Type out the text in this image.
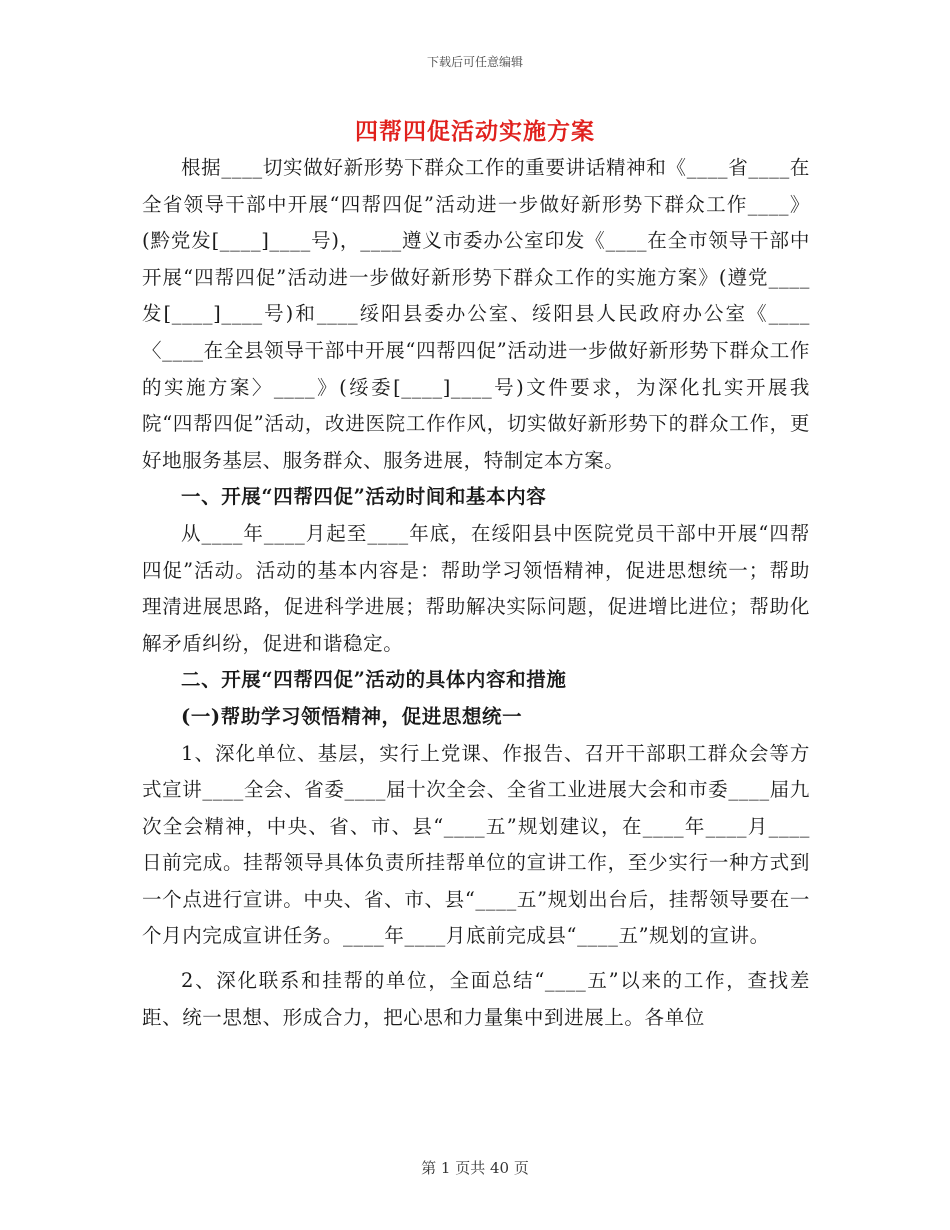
下载后可任意编辑
四帮四促活动实施方案

根据____切实做好新形势下群众工作的重要讲话精神和《____省____在全省领导干部中开展“四帮四促”活动进一步做好新形势下群众工作____》(黔党发[____]____号)，____遵义市委办公室印发《____在全市领导干部中开展“四帮四促”活动进一步做好新形势下群众工作的实施方案》(遵党____发[____]____号)和____绥阳县委办公室、绥阳县人民政府办公室《____〈____在全县领导干部中开展“四帮四促”活动进一步做好新形势下群众工作的实施方案〉____》(绥委[____]____号)文件要求，为深化扎实开展我院“四帮四促”活动，改进医院工作作风，切实做好新形势下的群众工作，更好地服务基层、服务群众、服务进展，特制定本方案。

一、开展“四帮四促”活动时间和基本内容

从____年____月起至____年底，在绥阳县中医院党员干部中开展“四帮四促”活动。活动的基本内容是：帮助学习领悟精神，促进思想统一；帮助理清进展思路，促进科学进展；帮助解决实际问题，促进增比进位；帮助化解矛盾纠纷，促进和谐稳定。

二、开展“四帮四促”活动的具体内容和措施

(一)帮助学习领悟精神，促进思想统一

1、深化单位、基层，实行上党课、作报告、召开干部职工群众会等方式宣讲____全会、省委____届十次全会、全省工业进展大会和市委____届九次全会精神，中央、省、市、县“____五”规划建议，在____年____月____日前完成。挂帮领导具体负责所挂帮单位的宣讲工作，至少实行一种方式到一个点进行宣讲。中央、省、市、县“____五”规划出台后，挂帮领导要在一个月内完成宣讲任务。____年____月底前完成县“____五”规划的宣讲。

2、深化联系和挂帮的单位，全面总结“____五”以来的工作，查找差距、统一思想、形成合力，把心思和力量集中到进展上。各单位

第 1 页共 40 页
